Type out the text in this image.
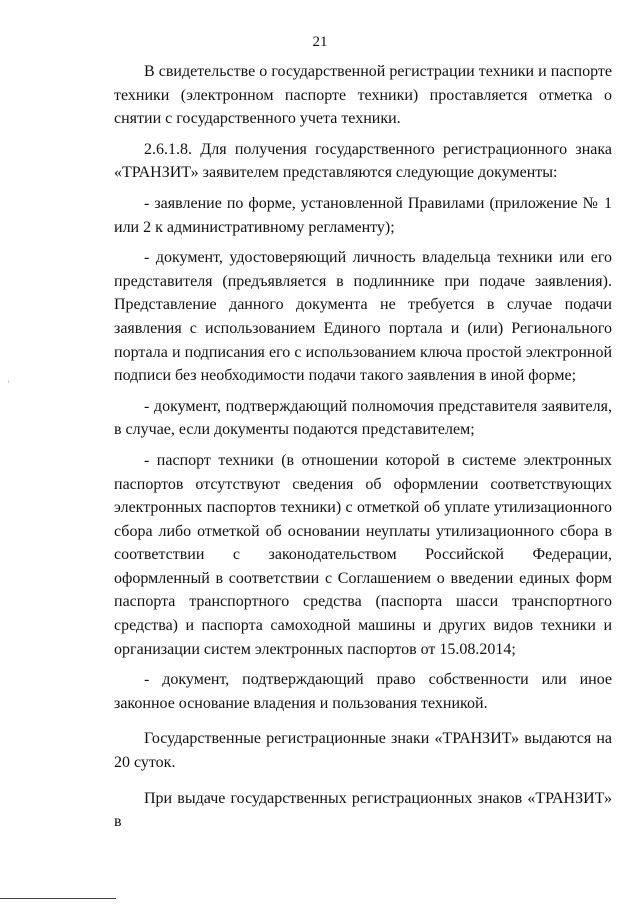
21

В свидетельстве о государственной регистрации техники и паспорте техники (электронном паспорте техники) проставляется отметка о снятии с государственного учета техники.

2.6.1.8. Для получения государственного регистрационного знака «ТРАНЗИТ» заявителем представляются следующие документы:

- заявление по форме, установленной Правилами (приложение № 1 или 2 к административному регламенту);

- документ, удостоверяющий личность владельца техники или его представителя (предъявляется в подлиннике при подаче заявления). Представление данного документа не требуется в случае подачи заявления с использованием Единого портала и (или) Регионального портала и подписания его с использованием ключа простой электронной подписи без необходимости подачи такого заявления в иной форме;

- документ, подтверждающий полномочия представителя заявителя, в случае, если документы подаются представителем;

- паспорт техники (в отношении которой в системе электронных паспортов отсутствуют сведения об оформлении соответствующих электронных паспортов техники) с отметкой об уплате утилизационного сбора либо отметкой об основании неуплаты утилизационного сбора в соответствии с законодательством Российской Федерации, оформленный в соответствии с Соглашением о введении единых форм паспорта транспортного средства (паспорта шасси транспортного средства) и паспорта самоходной машины и других видов техники и организации систем электронных паспортов от 15.08.2014;

- документ, подтверждающий право собственности или иное законное основание владения и пользования техникой.

Государственные регистрационные знаки «ТРАНЗИТ» выдаются на 20 суток.

При выдаче государственных регистрационных знаков «ТРАНЗИТ» в
